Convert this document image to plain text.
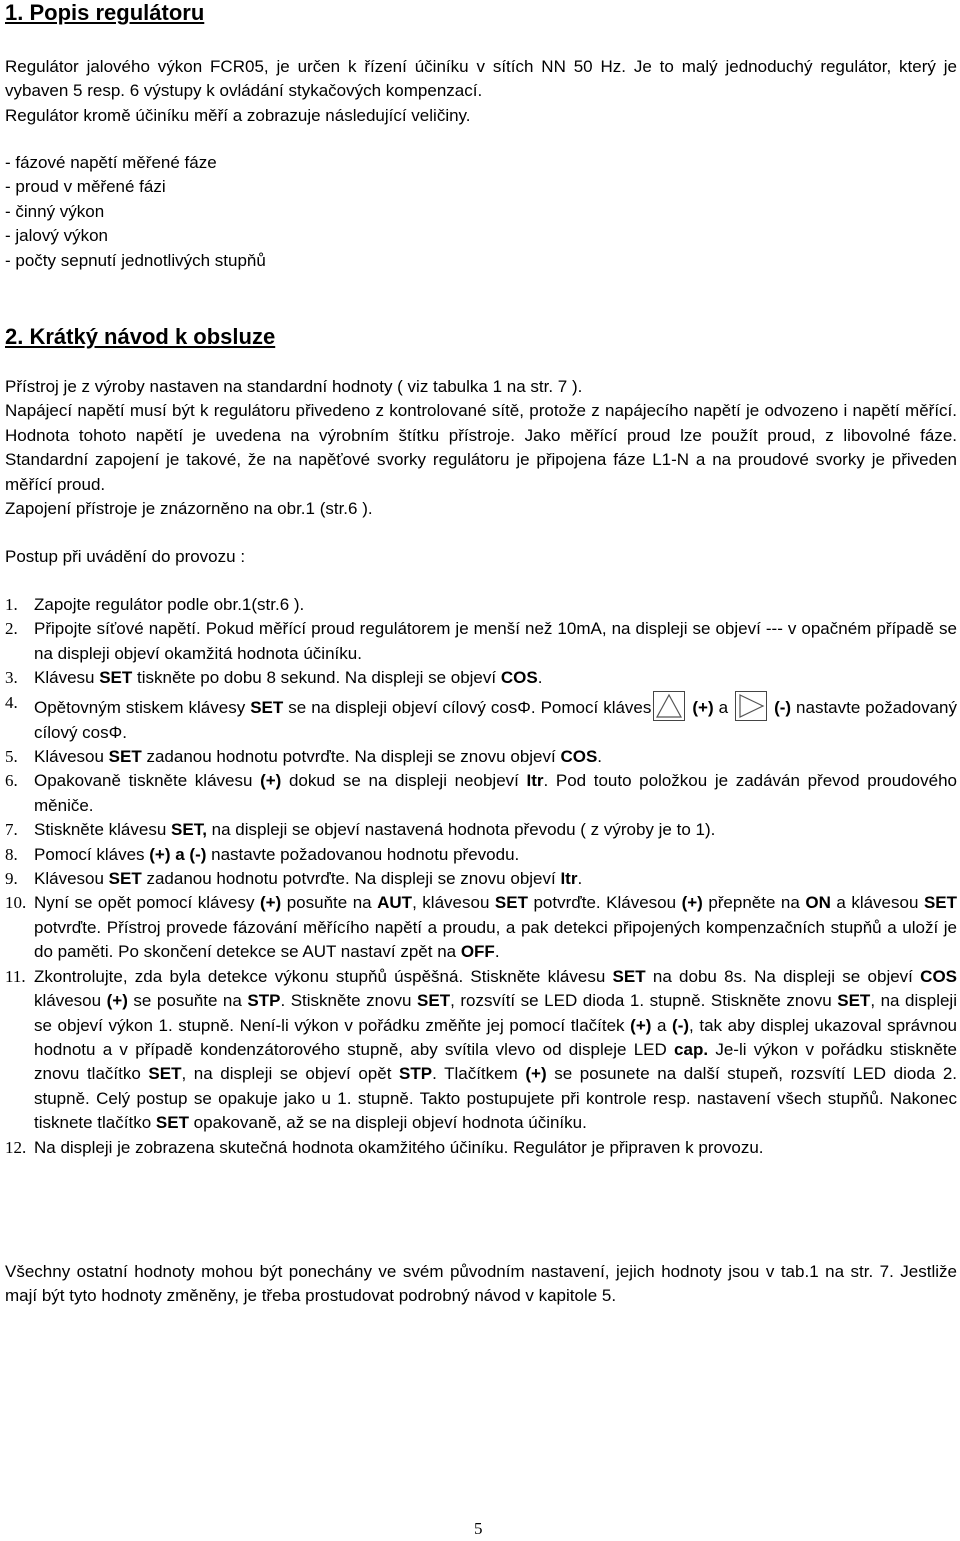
1. Popis regulátoru

Regulátor jalového výkon FCR05, je určen k řízení účiníku v sítích NN 50 Hz. Je to malý jednoduchý regulátor, který je vybaven 5 resp. 6 výstupy k ovládání stykačových kompenzací.

Regulátor kromě účiníku měří a zobrazuje následující veličiny.

- fázové napětí měřené fáze
- proud v měřené fázi
- činný výkon
- jalový výkon
- počty sepnutí jednotlivých stupňů
2. Krátký návod k obsluze

Přístroj je z výroby nastaven na standardní hodnoty ( viz tabulka 1 na str. 7 ).

Napájecí napětí musí být k regulátoru přivedeno z kontrolované sítě, protože z napájecího napětí je odvozeno i napětí měřící. Hodnota tohoto napětí je uvedena na výrobním štítku přístroje. Jako měřící proud lze použít proud, z libovolné fáze. Standardní zapojení je takové, že na napěťové svorky regulátoru je připojena fáze L1-N a na proudové svorky je přiveden měřící proud.

Zapojení přístroje je znázorněno na obr.1 (str.6 ).

Postup při uvádění do provozu :

1. Zapojte regulátor podle obr.1(str.6 ).
2. Připojte síťové napětí. Pokud měřící proud regulátorem je menší než 10mA, na displeji se objeví --- v opačném případě se na displeji objeví okamžitá hodnota účiníku.
3. Klávesu SET tiskněte po dobu 8 sekund. Na displeji se objeví COS.
4. Opětovným stiskem klávesy SET se na displeji objeví cílový cosΦ. Pomocí kláves (+) a
(-) nastavte požadovaný cílový cosΦ.
5. Klávesou SET zadanou hodnotu potvrďte. Na displeji se znovu objeví COS.
6. Opakovaně tiskněte klávesu (+) dokud se na displeji neobjeví Itr. Pod touto položkou je zadáván převod proudového měniče.
7. Stiskněte klávesu SET, na displeji se objeví nastavená hodnota převodu ( z výroby je to 1).
8. Pomocí kláves (+) a (-) nastavte požadovanou hodnotu převodu.
9. Klávesou SET zadanou hodnotu potvrďte. Na displeji se znovu objeví Itr.
10. Nyní se opět pomocí klávesy (+) posuňte na AUT, klávesou SET potvrďte. Klávesou (+) přepněte na ON a klávesou SET potvrďte. Přístroj provede fázování měřícího napětí a proudu, a pak detekci připojených kompenzačních stupňů a uloží je do paměti. Po skončení detekce se AUT nastaví zpět na OFF.
11. Zkontrolujte, zda byla detekce výkonu stupňů úspěšná. Stiskněte klávesu SET na dobu 8s. Na displeji se objeví COS klávesou (+) se posuňte na STP. Stiskněte znovu SET, rozsvítí se LED dioda 1. stupně. Stiskněte znovu SET, na displeji se objeví výkon 1. stupně. Není-li výkon v pořádku změňte jej pomocí tlačítek (+) a (-), tak aby displej ukazoval správnou hodnotu a v případě kondenzátorového stupně, aby svítila vlevo od displeje LED cap. Je-li výkon v pořádku stiskněte znovu tlačítko SET, na displeji se objeví opět STP. Tlačítkem (+) se posunete na další stupeň, rozsvítí LED dioda 2. stupně. Celý postup se opakuje jako u 1. stupně. Takto postupujete při kontrole resp. nastavení všech stupňů. Nakonec tisknete tlačítko SET opakovaně, až se na displeji objeví hodnota účiníku.
12. Na displeji je zobrazena skutečná hodnota okamžitého účiníku. Regulátor je připraven k provozu.

Všechny ostatní hodnoty mohou být ponechány ve svém původním nastavení, jejich hodnoty jsou v tab.1 na str. 7. Jestliže mají být tyto hodnoty změněny, je třeba prostudovat podrobný návod v kapitole 5.

5
